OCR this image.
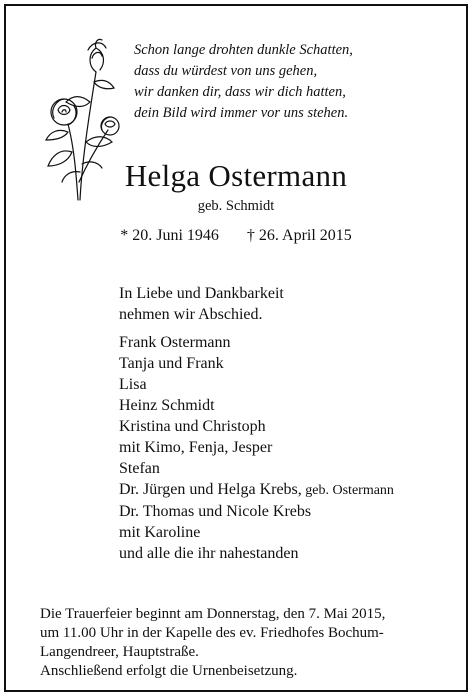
Schon lange drohten dunkle Schatten,
dass du würdest von uns gehen,
wir danken dir, dass wir dich hatten,
dein Bild wird immer vor uns stehen.
Helga Ostermann
geb. Schmidt
* 20. Juni 1946 † 26. April 2015
In Liebe und Dankbarkeit
nehmen wir Abschied.
Frank Ostermann
Tanja und Frank
Lisa
Heinz Schmidt
Kristina und Christoph
mit Kimo, Fenja, Jesper
Stefan
Dr. Jürgen und Helga Krebs, geb. Ostermann
Dr. Thomas und Nicole Krebs
mit Karoline
und alle die ihr nahestanden
Die Trauerfeier beginnt am Donnerstag, den 7. Mai 2015,
um 11.00 Uhr in der Kapelle des ev. Friedhofes Bochum-
Langendreer, Hauptstraße.
Anschließend erfolgt die Urnenbeisetzung.
